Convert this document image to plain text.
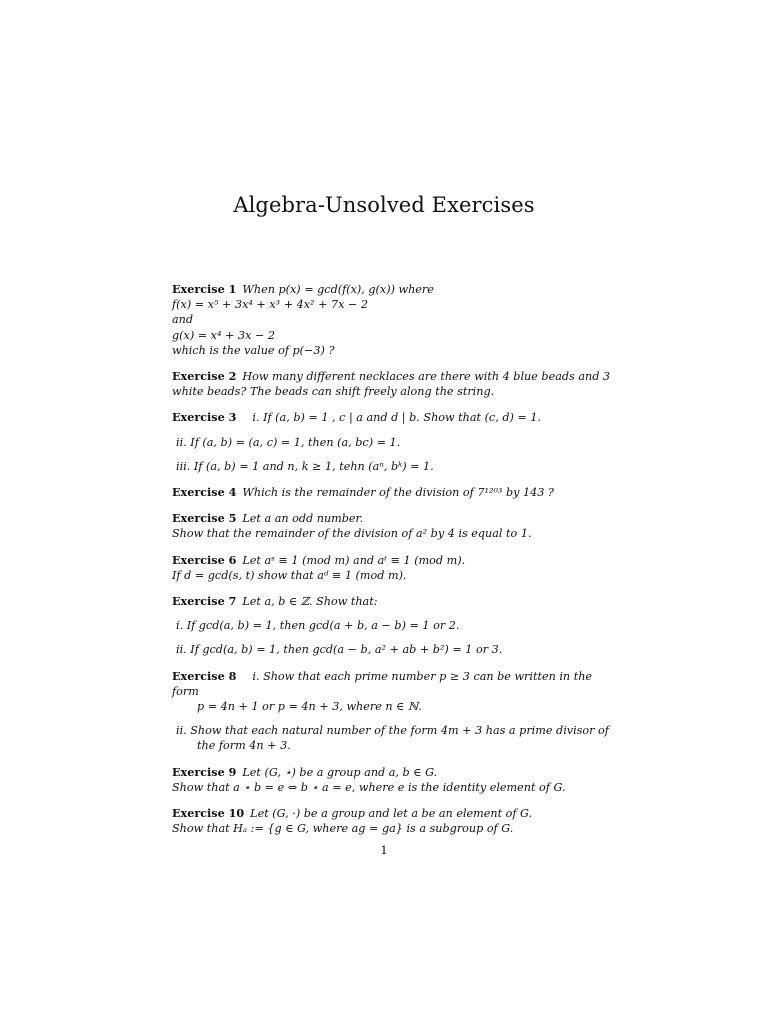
Algebra-Unsolved Exercises
Exercise 1 When p(x) = gcd(f(x), g(x)) where
f(x) = x⁵ + 3x⁴ + x³ + 4x² + 7x − 2
and
g(x) = x⁴ + 3x − 2
which is the value of p(−3) ?
Exercise 2 How many different necklaces are there with 4 blue beads and 3
white beads? The beads can shift freely along the string.
Exercise 3 i. If (a, b) = 1 , c | a and d | b. Show that (c, d) = 1.
ii. If (a, b) = (a, c) = 1, then (a, bc) = 1.
iii. If (a, b) = 1 and n, k ≥ 1, tehn (aⁿ, bᵏ) = 1.
Exercise 4 Which is the remainder of the division of 7¹²⁰³ by 143 ?
Exercise 5 Let a an odd number.
Show that the remainder of the division of a² by 4 is equal to 1.
Exercise 6 Let aˢ ≡ 1 (mod m) and aᵗ ≡ 1 (mod m).
If d = gcd(s, t) show that aᵈ ≡ 1 (mod m).
Exercise 7 Let a, b ∈ ℤ. Show that:
i. If gcd(a, b) = 1, then gcd(a + b, a − b) = 1 or 2.
ii. If gcd(a, b) = 1, then gcd(a − b, a² + ab + b²) = 1 or 3.
Exercise 8 i. Show that each prime number p ≥ 3 can be written in the form
p = 4n + 1 or p = 4n + 3, where n ∈ ℕ.
ii. Show that each natural number of the form 4m + 3 has a prime divisor of
the form 4n + 3.
Exercise 9 Let (G, ⋆) be a group and a, b ∈ G.
Show that a ⋆ b = e ⇔ b ⋆ a = e, where e is the identity element of G.
Exercise 10 Let (G, ·) be a group and let a be an element of G.
Show that Hₐ := {g ∈ G, where ag = ga} is a subgroup of G.
1
